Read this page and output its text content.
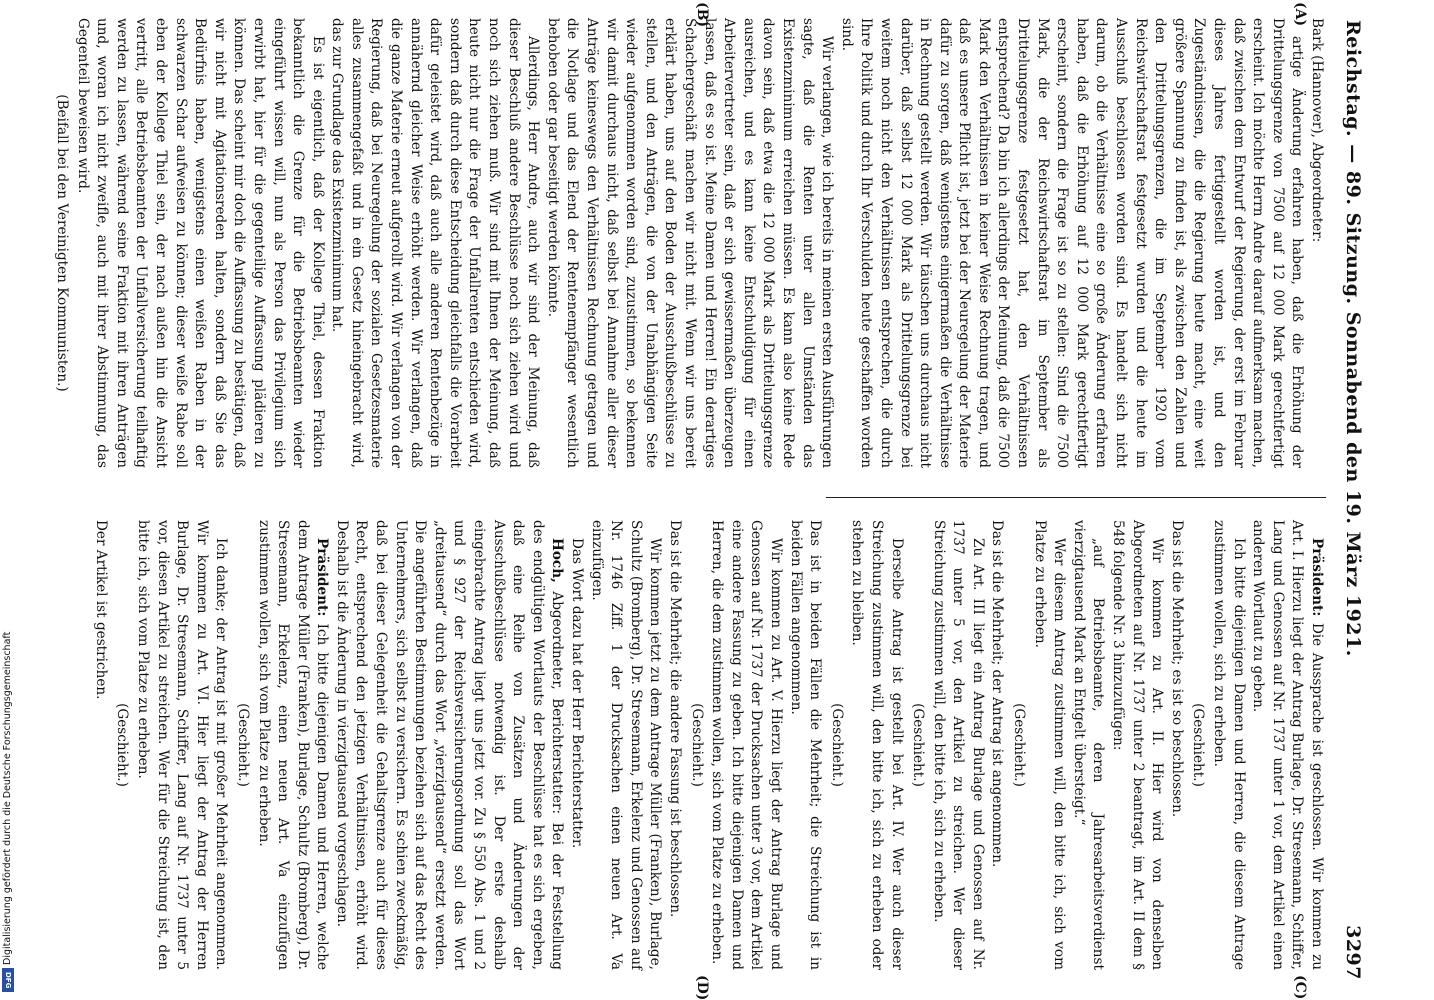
Reichstag. — 89. Sitzung. Sonnabend den 19. März 1921.
3297
(A)
(B)
(C)
(D)

Bark (Hannover), Abgeordneter:

artige Änderung erfahren haben, daß die Erhöhung der Drittelungsgrenze von 7500 auf 12 000 Mark gerechtfertigt erscheint. Ich möchte Herrn Andre darauf aufmerksam machen, daß zwischen dem Entwurf der Regierung, der erst im Februar dieses Jahres fertiggestellt worden ist, und den Zugeständnissen, die die Regierung heute macht, eine weit größere Spannung zu finden ist, als zwischen den Zahlen und den Drittelungsgrenzen, die im September 1920 vom Reichswirtschaftsrat festgesetzt wurden und die heute im Ausschuß beschlossen worden sind. Es handelt sich nicht darum, ob die Verhältnisse eine so große Änderung erfahren haben, daß die Erhöhung auf 12 000 Mark gerechtfertigt erscheint, sondern die Frage ist so zu stellen: Sind die 7500 Mark, die der Reichswirtschaftsrat im September als Drittelungsgrenze festgesetzt hat, den Verhältnissen entsprechend? Da bin ich allerdings der Meinung, daß die 7500 Mark den Verhältnissen in keiner Weise Rechnung tragen, und daß es unsere Pflicht ist, jetzt bei der Neuregelung der Materie dafür zu sorgen, daß wenigstens einigermaßen die Verhältnisse in Rechnung gestellt werden. Wir täuschen uns durchaus nicht darüber, daß selbst 12 000 Mark als Drittelungsgrenze bei weitem noch nicht den Verhältnissen entsprechen, die durch Ihre Politik und durch Ihr Verschulden heute geschaffen worden sind.

Wir verlangen, wie ich bereits in meinen ersten Ausführungen sagte, daß die Renten unter allen Umständen das Existenzminimum erreichen müssen. Es kann also keine Rede davon sein, daß etwa die 12 000 Mark als Drittelungsgrenze ausreichen, und es kann keine Entschuldigung für einen Arbeitervertreter sein, daß er sich gewissermaßen überzeugen lassen, daß es so ist. Meine Damen und Herren! Ein derartiges Schachergeschäft machen wir nicht mit. Wenn wir uns bereit erklärt haben, uns auf den Boden der Ausschußbeschlüsse zu stellen, und den Anträgen, die von der Unabhängigen Seite wieder aufgenommen worden sind, zuzustimmen, so bekennen wir damit durchaus nicht, daß selbst bei Annahme aller dieser Anträge keineswegs den Verhältnissen Rechnung getragen und die Notlage und das Elend der Rentenempfänger wesentlich behoben oder gar beseitigt werden könnte.

Allerdings, Herr Andre, auch wir sind der Meinung, daß dieser Beschluß andere Beschlüsse noch sich ziehen wird und noch sich ziehen muß. Wir sind mit Ihnen der Meinung, daß heute nicht nur die Frage der Unfallrenten entschieden wird, sondern daß durch diese Entscheidung gleichfalls die Vorarbeit dafür geleistet wird, daß auch alle anderen Rentenbezüge in annähernd gleicher Weise erhöht werden. Wir verlangen, daß die ganze Materie erneut aufgerollt wird. Wir verlangen von der Regierung, daß bei Neuregelung der sozialen Gesetzesmaterie alles zusammengefaßt und in ein Gesetz hineingebracht wird, das zur Grundlage das Existenzminimum hat.

Es ist eigentlich, daß der Kollege Thiel, dessen Fraktion bekanntlich die Grenze für die Betriebsbeamten wieder eingeführt wissen will, nun als Person das Privilegium sich erwirbt hat, hier für die gegenteilige Auffassung plädieren zu können. Das scheint mir doch die Auffassung zu bestätigen, daß wir nicht mit Agitationsreden halten, sondern daß Sie das Bedürfnis haben, wenigstens einen weißen Raben in der schwarzen Schar aufweisen zu können; dieser weiße Rabe soll eben der Kollege Thiel sein, der nach außen hin die Ansicht vertritt, alle Betriebsbeamten der Unfallversicherung teilhaftig werden zu lassen, während seine Fraktion mit ihren Anträgen und, woran ich nicht zweifle, auch mit ihrer Abstimmung, das Gegenteil beweisen wird.

(Beifall bei den Vereinigten Kommunisten.)

Präsident: Die Aussprache ist geschlossen. Wir kommen zu Art. I. Hierzu liegt der Antrag Burlage, Dr. Stresemann, Schiffer, Lang und Genossen auf Nr. 1737 unter 1 vor, dem Artikel einen anderen Wortlaut zu geben.

Ich bitte diejenigen Damen und Herren, die diesem Antrage zustimmen wollen, sich zu erheben.

(Geschieht.)

Das ist die Mehrheit; es ist so beschlossen.

Wir kommen zu Art. II. Hier wird von denselben Abgeordneten auf Nr. 1737 unter 2 beantragt, im Art. II dem § 548 folgende Nr. 3 hinzuzufügen:

„auf Betriebsbeamte, deren Jahresarbeitsverdienst vierzigtausend Mark an Entgelt übersteigt.“

Wer diesem Antrag zustimmen will, den bitte ich, sich vom Platze zu erheben.

(Geschieht.)

Das ist die Mehrheit; der Antrag ist angenommen.

Zu Art. III liegt ein Antrag Burlage und Genossen auf Nr. 1737 unter 5 vor, den Artikel zu streichen. Wer dieser Streichung zustimmen will, den bitte ich, sich zu erheben.

(Geschieht.)

Derselbe Antrag ist gestellt bei Art. IV. Wer auch dieser Streichung zustimmen will, den bitte ich, sich zu erheben oder stehen zu bleiben.

(Geschieht.)

Das ist in beiden Fällen die Mehrheit; die Streichung ist in beiden Fällen angenommen.

Wir kommen zu Art. V. Hierzu liegt der Antrag Burlage und Genossen auf Nr. 1737 der Drucksachen unter 3 vor, dem Artikel eine andere Fassung zu geben. Ich bitte diejenigen Damen und Herren, die dem zustimmen wollen, sich vom Platze zu erheben.

(Geschieht.)

Das ist die Mehrheit; die andere Fassung ist beschlossen.

Wir kommen jetzt zu dem Antrage Müller (Franken), Burlage, Schultz (Bromberg), Dr. Stresemann, Erkelenz und Genossen auf Nr. 1746 Ziff. 1 der Drucksachen einen neuen Art. Va einzufügen.

Das Wort dazu hat der Herr Berichterstatter.

Hoch, Abgeordneter, Berichterstatter: Bei der Feststellung des endgültigen Wortlauts der Beschlüsse hat es sich ergeben, daß eine Reihe von Zusätzen und Änderungen der Ausschußbeschlüsse notwendig ist. Der erste deshalb eingebrachte Antrag liegt uns jetzt vor. Zu § 550 Abs. 1 und 2 und § 927 der Reichsversicherungsordnung soll das Wort „dreitausend“ durch das Wort „vierzigtausend“ ersetzt werden. Die angeführten Bestimmungen beziehen sich auf das Recht des Unternehmers, sich selbst zu versichern. Es schien zweckmäßig, daß bei dieser Gelegenheit die Gehaltsgrenze auch für dieses Recht, entsprechend den jetzigen Verhältnissen, erhöht wird. Deshalb ist die Änderung in vierzigtausend vorgeschlagen.

Präsident: Ich bitte diejenigen Damen und Herren, welche dem Antrage Müller (Franken), Burlage, Schultz (Bromberg), Dr. Stresemann, Erkelenz, einen neuen Art. Va einzufügen zustimmen wollen, sich vom Platze zu erheben.

(Geschieht.)

Ich danke; der Antrag ist mit großer Mehrheit angenommen. Wir kommen zu Art. VI. Hier liegt der Antrag der Herren Burlage, Dr. Stresemann, Schiffer, Lang auf Nr. 1737 unter 5 vor, diesen Artikel zu streichen. Wer für die Streichung ist, den bitte ich, sich vom Platze zu erheben.

(Geschieht.)

Der Artikel ist gestrichen.

Digitalisierung gefördert durch die Deutsche Forschungsgemeinschaft
DFG
